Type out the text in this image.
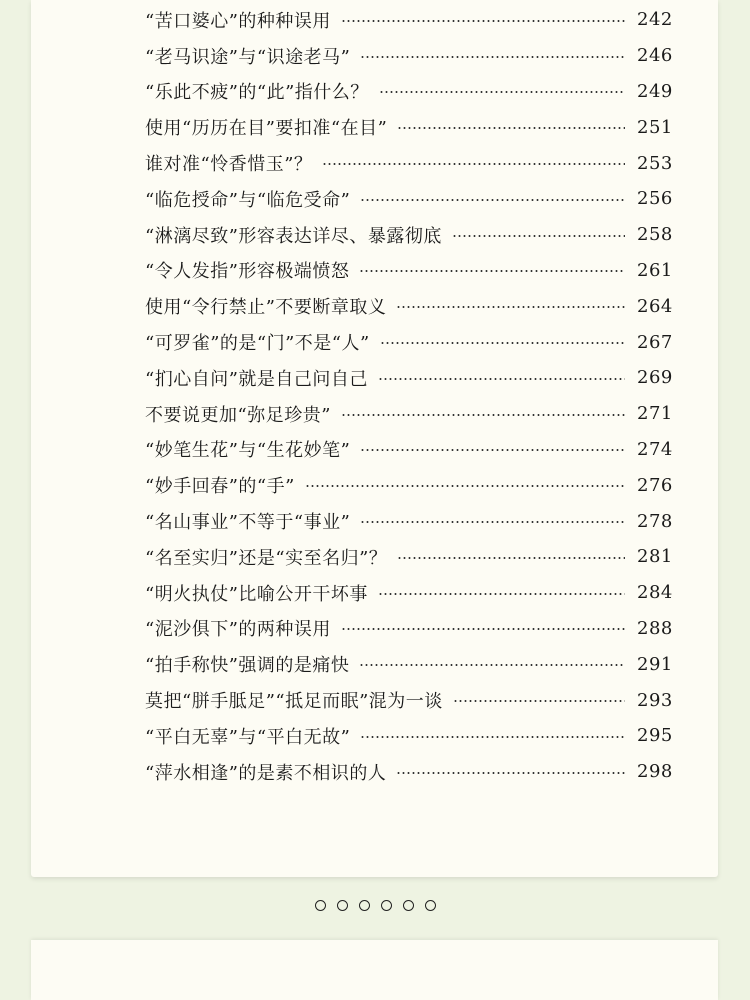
“苦口婆心”的种种误用	242
“老马识途”与“识途老马”	246
“乐此不疲”的“此”指什么？	249
使用“历历在目”要扣准“在目”	251
谁对准“怜香惜玉”？	253
“临危授命”与“临危受命”	256
“淋漓尽致”形容表达详尽、暴露彻底	258
“令人发指”形容极端愤怒	261
使用“令行禁止”不要断章取义	264
“可罗雀”的是“门”不是“人”	267
“扪心自问”就是自己问自己	269
不要说更加“弥足珍贵”	271
“妙笔生花”与“生花妙笔”	274
“妙手回春”的“手”	276
“名山事业”不等于“事业”	278
“名至实归”还是“实至名归”？	281
“明火执仗”比喻公开干坏事	284
“泥沙俱下”的两种误用	288
“拍手称快”强调的是痛快	291
莫把“胼手胝足”“抵足而眠”混为一谈	293
“平白无辜”与“平白无故”	295
“萍水相逢”的是素不相识的人	298
